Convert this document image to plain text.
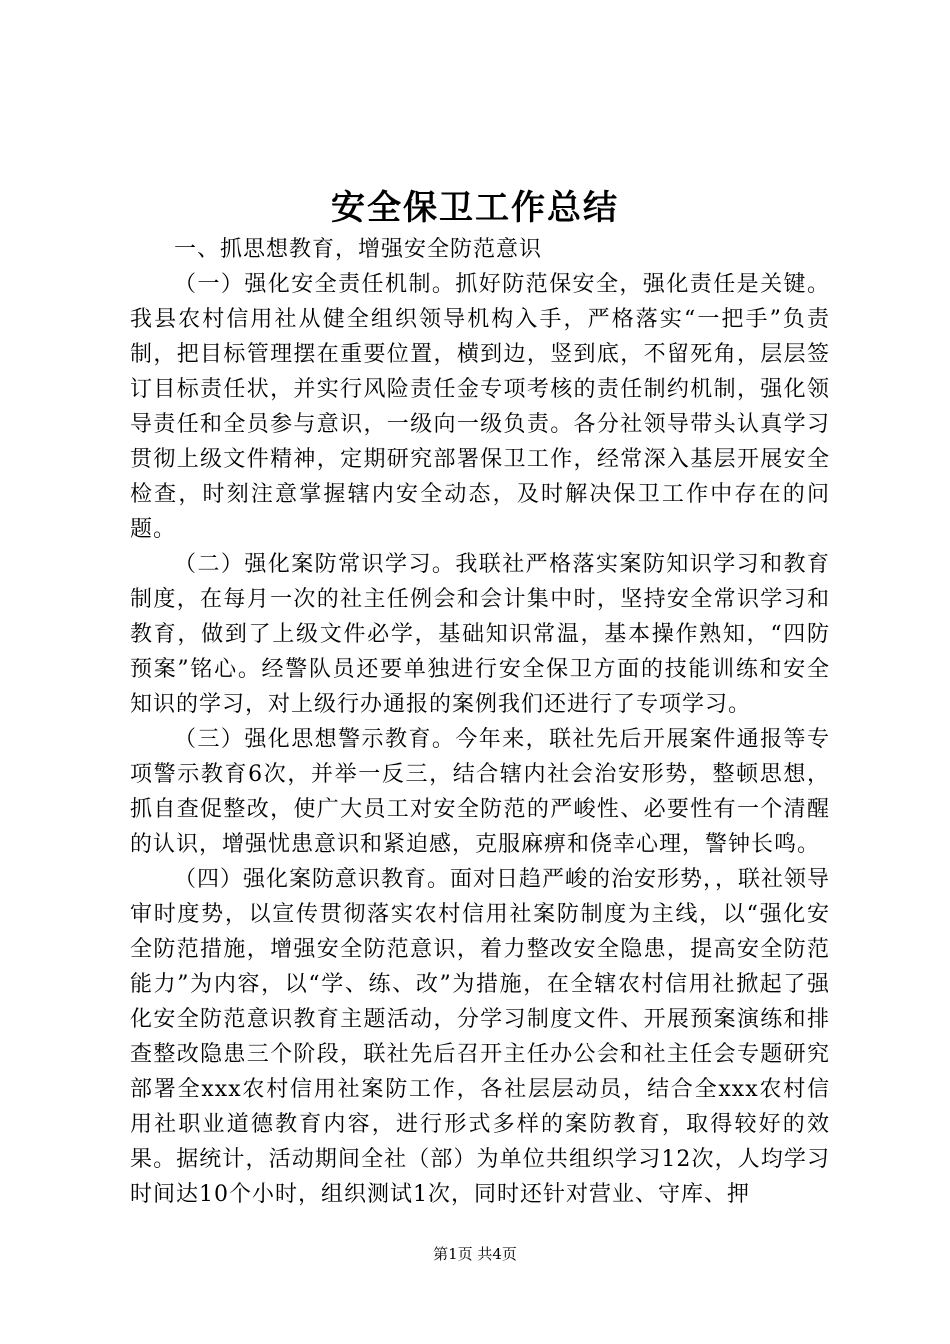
安全保卫工作总结

一、抓思想教育，增强安全防范意识

（一）强化安全责任机制。抓好防范保安全，强化责任是关键。我县农村信用社从健全组织领导机构入手，严格落实“一把手”负责制，把目标管理摆在重要位置，横到边，竖到底，不留死角，层层签订目标责任状，并实行风险责任金专项考核的责任制约机制，强化领导责任和全员参与意识，一级向一级负责。各分社领导带头认真学习贯彻上级文件精神，定期研究部署保卫工作，经常深入基层开展安全检查，时刻注意掌握辖内安全动态，及时解决保卫工作中存在的问题。

（二）强化案防常识学习。我联社严格落实案防知识学习和教育制度，在每月一次的社主任例会和会计集中时，坚持安全常识学习和教育，做到了上级文件必学，基础知识常温，基本操作熟知，“四防预案”铭心。经警队员还要单独进行安全保卫方面的技能训练和安全知识的学习，对上级行办通报的案例我们还进行了专项学习。

（三）强化思想警示教育。今年来，联社先后开展案件通报等专项警示教育6次，并举一反三，结合辖内社会治安形势，整顿思想，抓自查促整改，使广大员工对安全防范的严峻性、必要性有一个清醒的认识，增强忧患意识和紧迫感，克服麻痹和侥幸心理，警钟长鸣。

（四）强化案防意识教育。面对日趋严峻的治安形势，，联社领导审时度势，以宣传贯彻落实农村信用社案防制度为主线，以“强化安全防范措施，增强安全防范意识，着力整改安全隐患，提高安全防范能力”为内容，以“学、练、改”为措施，在全辖农村信用社掀起了强化安全防范意识教育主题活动，分学习制度文件、开展预案演练和排查整改隐患三个阶段，联社先后召开主任办公会和社主任会专题研究部署全xxx农村信用社案防工作，各社层层动员，结合全xxx农村信用社职业道德教育内容，进行形式多样的案防教育，取得较好的效果。据统计，活动期间全社（部）为单位共组织学习12次，人均学习时间达10个小时，组织测试1次，同时还针对营业、守库、押

第1页 共4页
